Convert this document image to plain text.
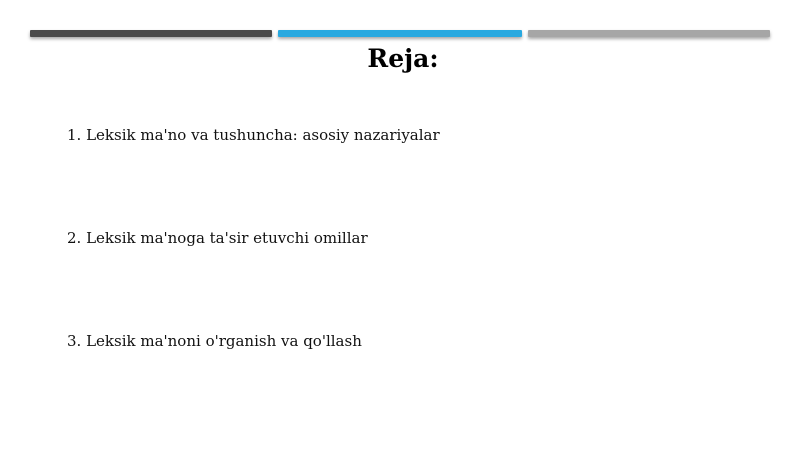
Reja:
1. Leksik ma'no va tushuncha: asosiy nazariyalar
2. Leksik ma'noga ta'sir etuvchi omillar
3. Leksik ma'noni o'rganish va qo'llash
